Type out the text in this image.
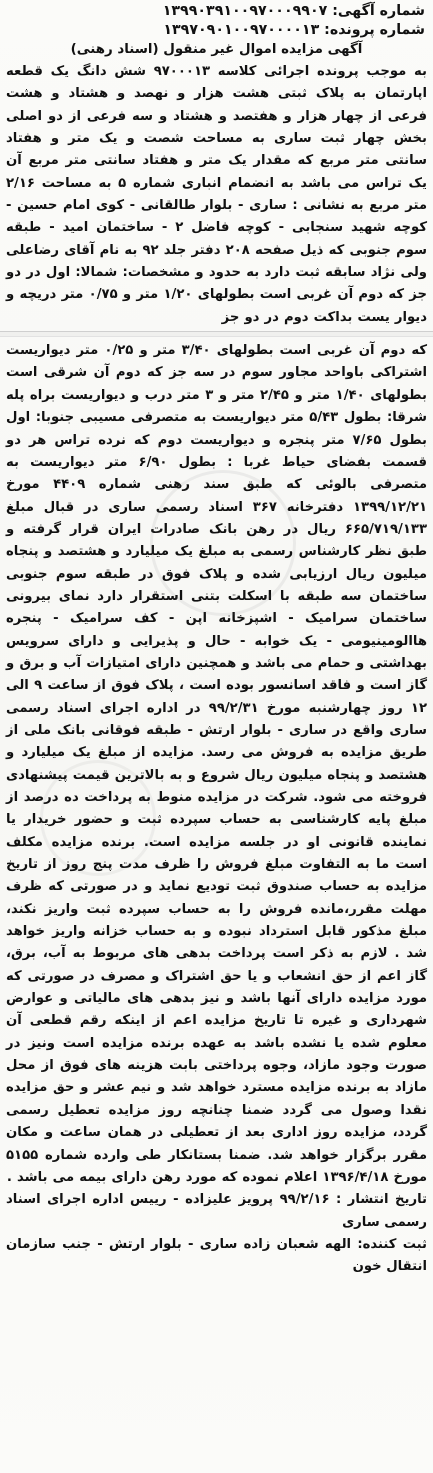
شماره آگهی: ۱۳۹۹۰۳۹۱۰۰۹۷۰۰۰۹۹۰۷

شماره پرونده: ۱۳۹۷۰۹۰۱۰۰۹۷۰۰۰۰۱۳

آگهی مزایده اموال غیر منقول (اسناد رهنی)

به موجب پرونده اجرائی کلاسه ۹۷۰۰۰۱۳ شش دانگ یک قطعه اپارتمان به پلاک ثبتی هشت هزار و نهصد و هشتاد و هشت فرعی از چهار هزار و هفتصد و هشتاد و سه فرعی از دو اصلی بخش چهار ثبت ساری به مساحت شصت و یک متر و هفتاد سانتی متر مربع که مقدار یک متر و هفتاد سانتی متر مربع آن یک تراس می باشد به انضمام انباری شماره ۵ به مساحت ۲/۱۶ متر مربع به نشانی : ساری - بلوار طالقانی - کوی امام حسین - کوچه شهید سنجابی - کوچه فاضل ۲ - ساختمان امید - طبقه سوم جنوبی که ذیل صفحه ۲۰۸ دفتر جلد ۹۲ به نام آقای رضاعلی ولی نژاد سابقه ثبت دارد به حدود و مشخصات: شمالا: اول در دو جز که دوم آن غربی است بطولهای ۱/۲۰ متر و ۰/۷۵ متر دریچه و دیوار یست بداکت دوم در دو جز

که دوم آن غربی است بطولهای ۳/۴۰ متر و ۰/۲۵ متر دیواریست اشتراکی باواحد مجاور سوم در سه جز که دوم آن شرقی است بطولهای ۱/۴۰ متر و ۲/۴۵ متر و ۳ متر درب و دیواریست براه پله شرقا: بطول ۵/۴۳ متر دیواریست به متصرفی مسیبی جنوبا: اول بطول ۷/۶۵ متر پنجره و دیواریست دوم که نرده تراس هر دو قسمت بفضای حیاط غربا : بطول ۶/۹۰ متر دیواریست به متصرفی بالوئی که طبق سند رهنی شماره ۴۴۰۹ مورخ ۱۳۹۹/۱۲/۲۱ دفترخانه ۳۶۷ اسناد رسمی ساری در قبال مبلغ ۶۶۵/۷۱۹/۱۳۳ ریال در رهن بانک صادرات ایران قرار گرفته و طبق نظر کارشناس رسمی به مبلغ یک میلیارد و هشتصد و پنجاه میلیون ریال ارزیابی شده و پلاک فوق در طبقه سوم جنوبی ساختمان سه طبقه با اسکلت بتنی استقرار دارد نمای بیرونی ساختمان سرامیک - اشپزخانه اپن - کف سرامیک - پنجره هاالومینیومی - یک خوابه - حال و پذیرایی و دارای سرویس بهداشتی و حمام می باشد و همچنین دارای امتیازات آب و برق و گاز است و فاقد اسانسور بوده است ، پلاک فوق از ساعت ۹ الی ۱۲ روز چهارشنبه مورخ ۹۹/۲/۳۱ در اداره اجرای اسناد رسمی ساری واقع در ساری - بلوار ارتش - طبقه فوقانی بانک ملی از طریق مزایده به فروش می رسد. مزایده از مبلغ یک میلیارد و هشتصد و پنجاه میلیون ریال شروع و به بالاترین قیمت پیشنهادی فروخته می شود. شرکت در مزایده منوط به پرداخت ده درصد از مبلغ پایه کارشناسی به حساب سپرده ثبت و حضور خریدار یا نماینده قانونی او در جلسه مزایده است. برنده مزایده مکلف است ما به التفاوت مبلغ فروش را ظرف مدت پنج روز از تاریخ مزایده به حساب صندوق ثبت تودیع نماید و در صورتی که ظرف مهلت مقرر،مانده فروش را به حساب سپرده ثبت واریز نکند، مبلغ مذکور قابل استرداد نبوده و به حساب خزانه واریز خواهد شد . لازم به ذکر است پرداخت بدهی های مربوط به آب، برق، گاز اعم از حق انشعاب و یا حق اشتراک و مصرف در صورتی که مورد مزایده دارای آنها باشد و نیز بدهی های مالیاتی و عوارض شهرداری و غیره تا تاریخ مزایده اعم از اینکه رقم قطعی آن معلوم شده یا نشده باشد به عهده برنده مزایده است ونیز در صورت وجود مازاد، وجوه پرداختی بابت هزینه های فوق از محل مازاد به برنده مزایده مسترد خواهد شد و نیم عشر و حق مزایده نقدا وصول می گردد ضمنا چنانچه روز مزایده تعطیل رسمی گردد، مزایده روز اداری بعد از تعطیلی در همان ساعت و مکان مقرر برگزار خواهد شد. ضمنا بستانکار طی وارده شماره ۵۱۵۵ مورخ ۱۳۹۶/۴/۱۸ اعلام نموده که مورد رهن دارای بیمه می باشد .

تاریخ انتشار : ۹۹/۲/۱۶ پرویز علیزاده - رییس اداره اجرای اسناد رسمی ساری

ثبت کننده: الهه شعبان زاده ساری - بلوار ارتش - جنب سازمان انتقال خون
